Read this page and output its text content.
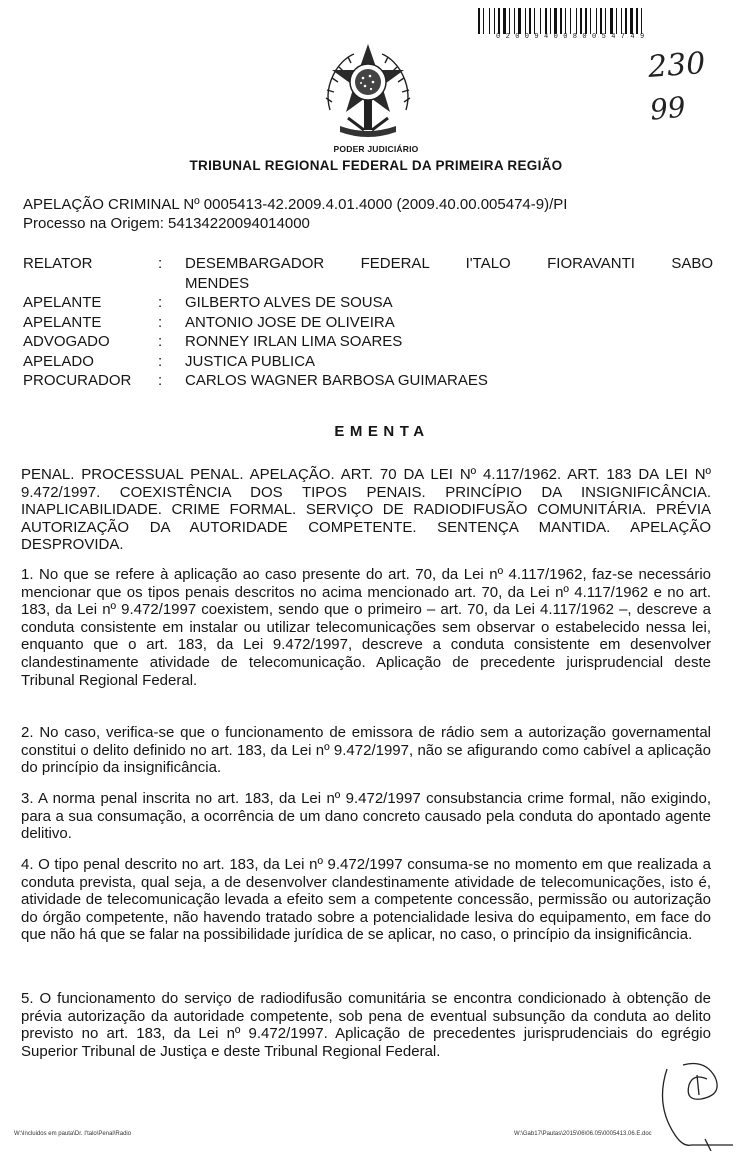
0200940080054749
230
99
PODER JUDICIÁRIO
TRIBUNAL REGIONAL FEDERAL DA PRIMEIRA REGIÃO
APELAÇÃO CRIMINAL Nº 0005413-42.2009.4.01.4000 (2009.40.00.005474-9)/PI
Processo na Origem: 54134220094014000
RELATOR	:	DESEMBARGADOR FEDERAL I'TALO FIORAVANTI SABO
MENDES
APELANTE	:	GILBERTO ALVES DE SOUSA
APELANTE	:	ANTONIO JOSE DE OLIVEIRA
ADVOGADO	:	RONNEY IRLAN LIMA SOARES
APELADO	:	JUSTICA PUBLICA
PROCURADOR	:	CARLOS WAGNER BARBOSA GUIMARAES
EMENTA
PENAL. PROCESSUAL PENAL. APELAÇÃO. ART. 70 DA LEI Nº 4.117/1962. ART. 183 DA LEI Nº 9.472/1997. COEXISTÊNCIA DOS TIPOS PENAIS. PRINCÍPIO DA INSIGNIFICÂNCIA. INAPLICABILIDADE. CRIME FORMAL. SERVIÇO DE RADIODIFUSÃO COMUNITÁRIA. PRÉVIA AUTORIZAÇÃO DA AUTORIDADE COMPETENTE. SENTENÇA MANTIDA. APELAÇÃO DESPROVIDA.
1. No que se refere à aplicação ao caso presente do art. 70, da Lei nº 4.117/1962, faz-se necessário mencionar que os tipos penais descritos no acima mencionado art. 70, da Lei nº 4.117/1962 e no art. 183, da Lei nº 9.472/1997 coexistem, sendo que o primeiro – art. 70, da Lei 4.117/1962 –, descreve a conduta consistente em instalar ou utilizar telecomunicações sem observar o estabelecido nessa lei, enquanto que o art. 183, da Lei 9.472/1997, descreve a conduta consistente em desenvolver clandestinamente atividade de telecomunicação. Aplicação de precedente jurisprudencial deste Tribunal Regional Federal.
2. No caso, verifica-se que o funcionamento de emissora de rádio sem a autorização governamental constitui o delito definido no art. 183, da Lei nº 9.472/1997, não se afigurando como cabível a aplicação do princípio da insignificância.
3. A norma penal inscrita no art. 183, da Lei nº 9.472/1997 consubstancia crime formal, não exigindo, para a sua consumação, a ocorrência de um dano concreto causado pela conduta do apontado agente delitivo.
4. O tipo penal descrito no art. 183, da Lei nº 9.472/1997 consuma-se no momento em que realizada a conduta prevista, qual seja, a de desenvolver clandestinamente atividade de telecomunicações, isto é, atividade de telecomunicação levada a efeito sem a competente concessão, permissão ou autorização do órgão competente, não havendo tratado sobre a potencialidade lesiva do equipamento, em face do que não há que se falar na possibilidade jurídica de se aplicar, no caso, o princípio da insignificância.
5. O funcionamento do serviço de radiodifusão comunitária se encontra condicionado à obtenção de prévia autorização da autoridade competente, sob pena de eventual subsunção da conduta ao delito previsto no art. 183, da Lei nº 9.472/1997. Aplicação de precedentes jurisprudenciais do egrégio Superior Tribunal de Justiça e deste Tribunal Regional Federal.
W:\Incluidos em pauta\Dr. I'talo\Penal\Radio	W:\Gab17\Pautas\2015\06\06.05\0005413.06.E.doc
